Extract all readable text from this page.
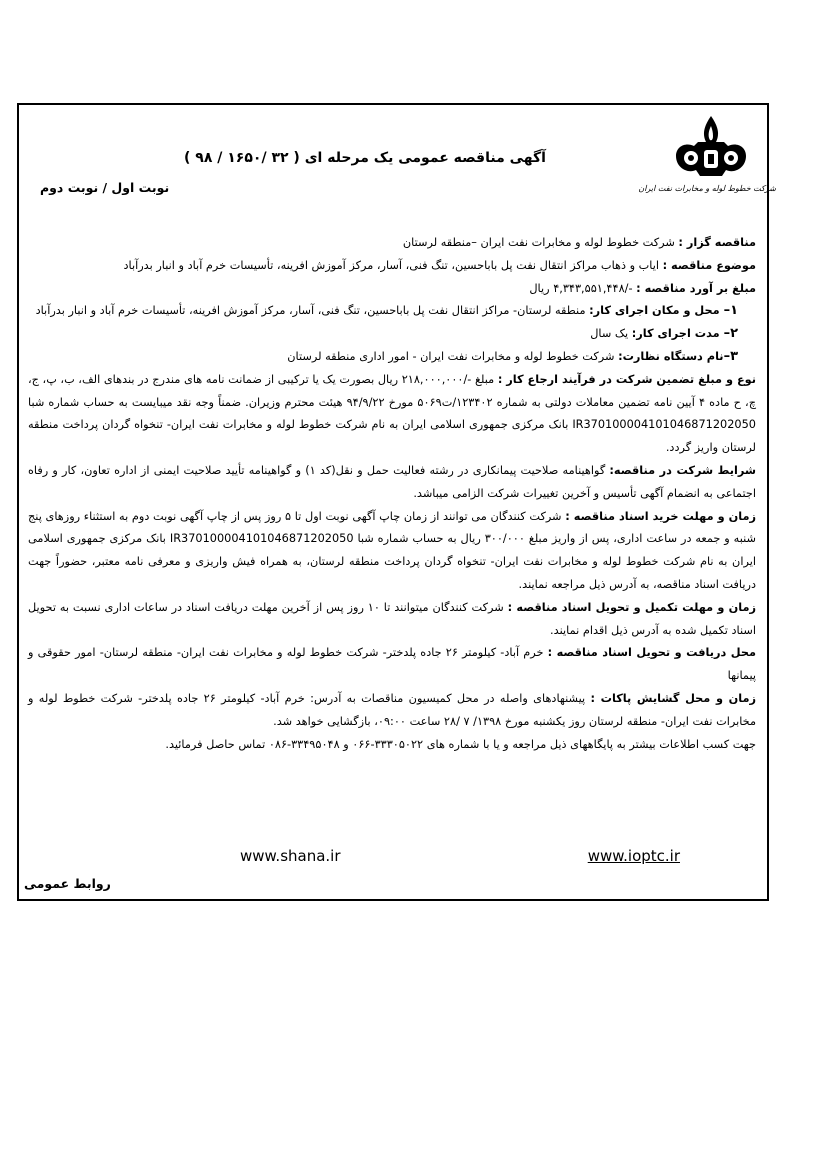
شرکت خطوط لوله و مخابرات نفت ایران
آگهی مناقصه عمومی یک مرحله ای ( ۳۲ /۱۶۵۰ / ۹۸ )
نوبت اول / نوبت دوم

مناقصه گزار : شرکت خطوط لوله و مخابرات نفت ایران –منطقه لرستان

موضوع مناقصه : ایاب و ذهاب مراکز انتقال نفت پل بابا‌حسین، تنگ فنی، آسار، مرکز آموزش افرینه، تأسیسات خرم آباد و انبار بدرآباد

مبلغ بر آورد مناقصه : -/۴,۳۴۳,۵۵۱,۴۴۸ ریال

۱– محل و مکان اجرای کار: منطقه لرستان- مراکز انتقال نفت پل بابا‌حسین، تنگ فنی، آسار، مرکز آموزش افرینه، تأسیسات خرم آباد و انبار بدرآباد

۲– مدت اجرای کار: یک سال

۳–نام دستگاه نظارت: شرکت خطوط لوله و مخابرات نفت ایران - امور اداری منطقه لرستان

نوع و مبلغ تضمین شرکت در فرآیند ارجاع کار : مبلغ -/۲۱۸,۰۰۰,۰۰۰ ریال بصورت یک یا ترکیبی از ضمانت نامه های مندرج در بندهای الف، ب، پ، ج، چ، ح ماده ۴ آیین نامه تضمین معاملات دولتی به شماره ۱۲۳۴۰۲/ت۵۰۶۹ مورخ ۹۴/۹/۲۲ هیئت محترم وزیران. ضمناً وجه نقد میبایست به حساب شماره شبا IR370100004101046871202050 بانک مرکزی جمهوری اسلامی ایران به نام شرکت خطوط لوله و مخابرات نفت ایران- تنخواه گردان پرداخت منطقه لرستان واریز گردد.

شرایط شرکت در مناقصه: گواهینامه صلاحیت پیمانکاری در رشته فعالیت حمل و نقل(کد ۱) و گواهینامه تأیید صلاحیت ایمنی از اداره تعاون، کار و رفاه اجتماعی به انضمام آگهی تأسیس و آخرین تغییرات شرکت الزامی میباشد.

زمان و مهلت خرید اسناد مناقصه : شرکت کنندگان می توانند از زمان چاپ آگهی نوبت اول تا ۵ روز پس از چاپ آگهی نوبت دوم به استثناء روزهای پنج شنبه و جمعه در ساعت اداری، پس از واریز مبلغ ۳۰۰/۰۰۰ ریال به حساب شماره شبا IR370100004101046871202050 بانک مرکزی جمهوری اسلامی ایران به نام شرکت خطوط لوله و مخابرات نفت ایران- تنخواه گردان پرداخت منطقه لرستان، به همراه فیش واریزی و معرفی نامه معتبر، حضوراً جهت دریافت اسناد مناقصه، به آدرس ذیل مراجعه نمایند.

زمان و مهلت تکمیل و تحویل اسناد مناقصه : شرکت کنندگان میتوانند تا ۱۰ روز پس از آخرین مهلت دریافت اسناد در ساعات اداری نسبت به تحویل اسناد تکمیل شده به آدرس ذیل اقدام نمایند.

محل دریافت و تحویل اسناد مناقصه : خرم آباد- کیلومتر ۲۶ جاده پلدختر- شرکت خطوط لوله و مخابرات نفت ایران- منطقه لرستان- امور حقوقی و پیمانها

زمان و محل گشایش پاکات : پیشنهادهای واصله در محل کمیسیون مناقصات به آدرس: خرم آباد- کیلومتر ۲۶ جاده پلدختر- شرکت خطوط لوله و مخابرات نفت ایران- منطقه لرستان روز یکشنبه مورخ ۱۳۹۸/ ۷ /۲۸ ساعت ۰۹:۰۰، بازگشایی خواهد شد.

جهت کسب اطلاعات بیشتر به پایگاههای ذیل مراجعه و یا با شماره های ۳۳۳۰۵۰۲۲-۰۶۶ و ۳۳۴۹۵۰۴۸-۰۸۶ تماس حاصل فرمائید.

www.shana.ir	www.ioptc.ir
روابط عمومی
